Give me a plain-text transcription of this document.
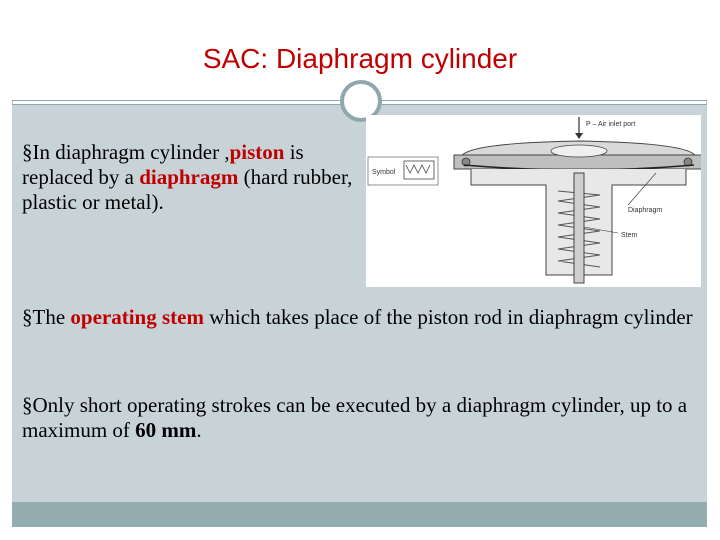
SAC: Diaphragm cylinder
§In diaphragm cylinder ,piston is replaced by a diaphragm (hard rubber, plastic or metal).
§The operating stem which takes place of the piston rod in diaphragm cylinder
§Only short operating strokes can be executed by a diaphragm cylinder, up to a maximum of 60 mm.
Symbol
P – Air inlet port
Diaphragm
Stem
